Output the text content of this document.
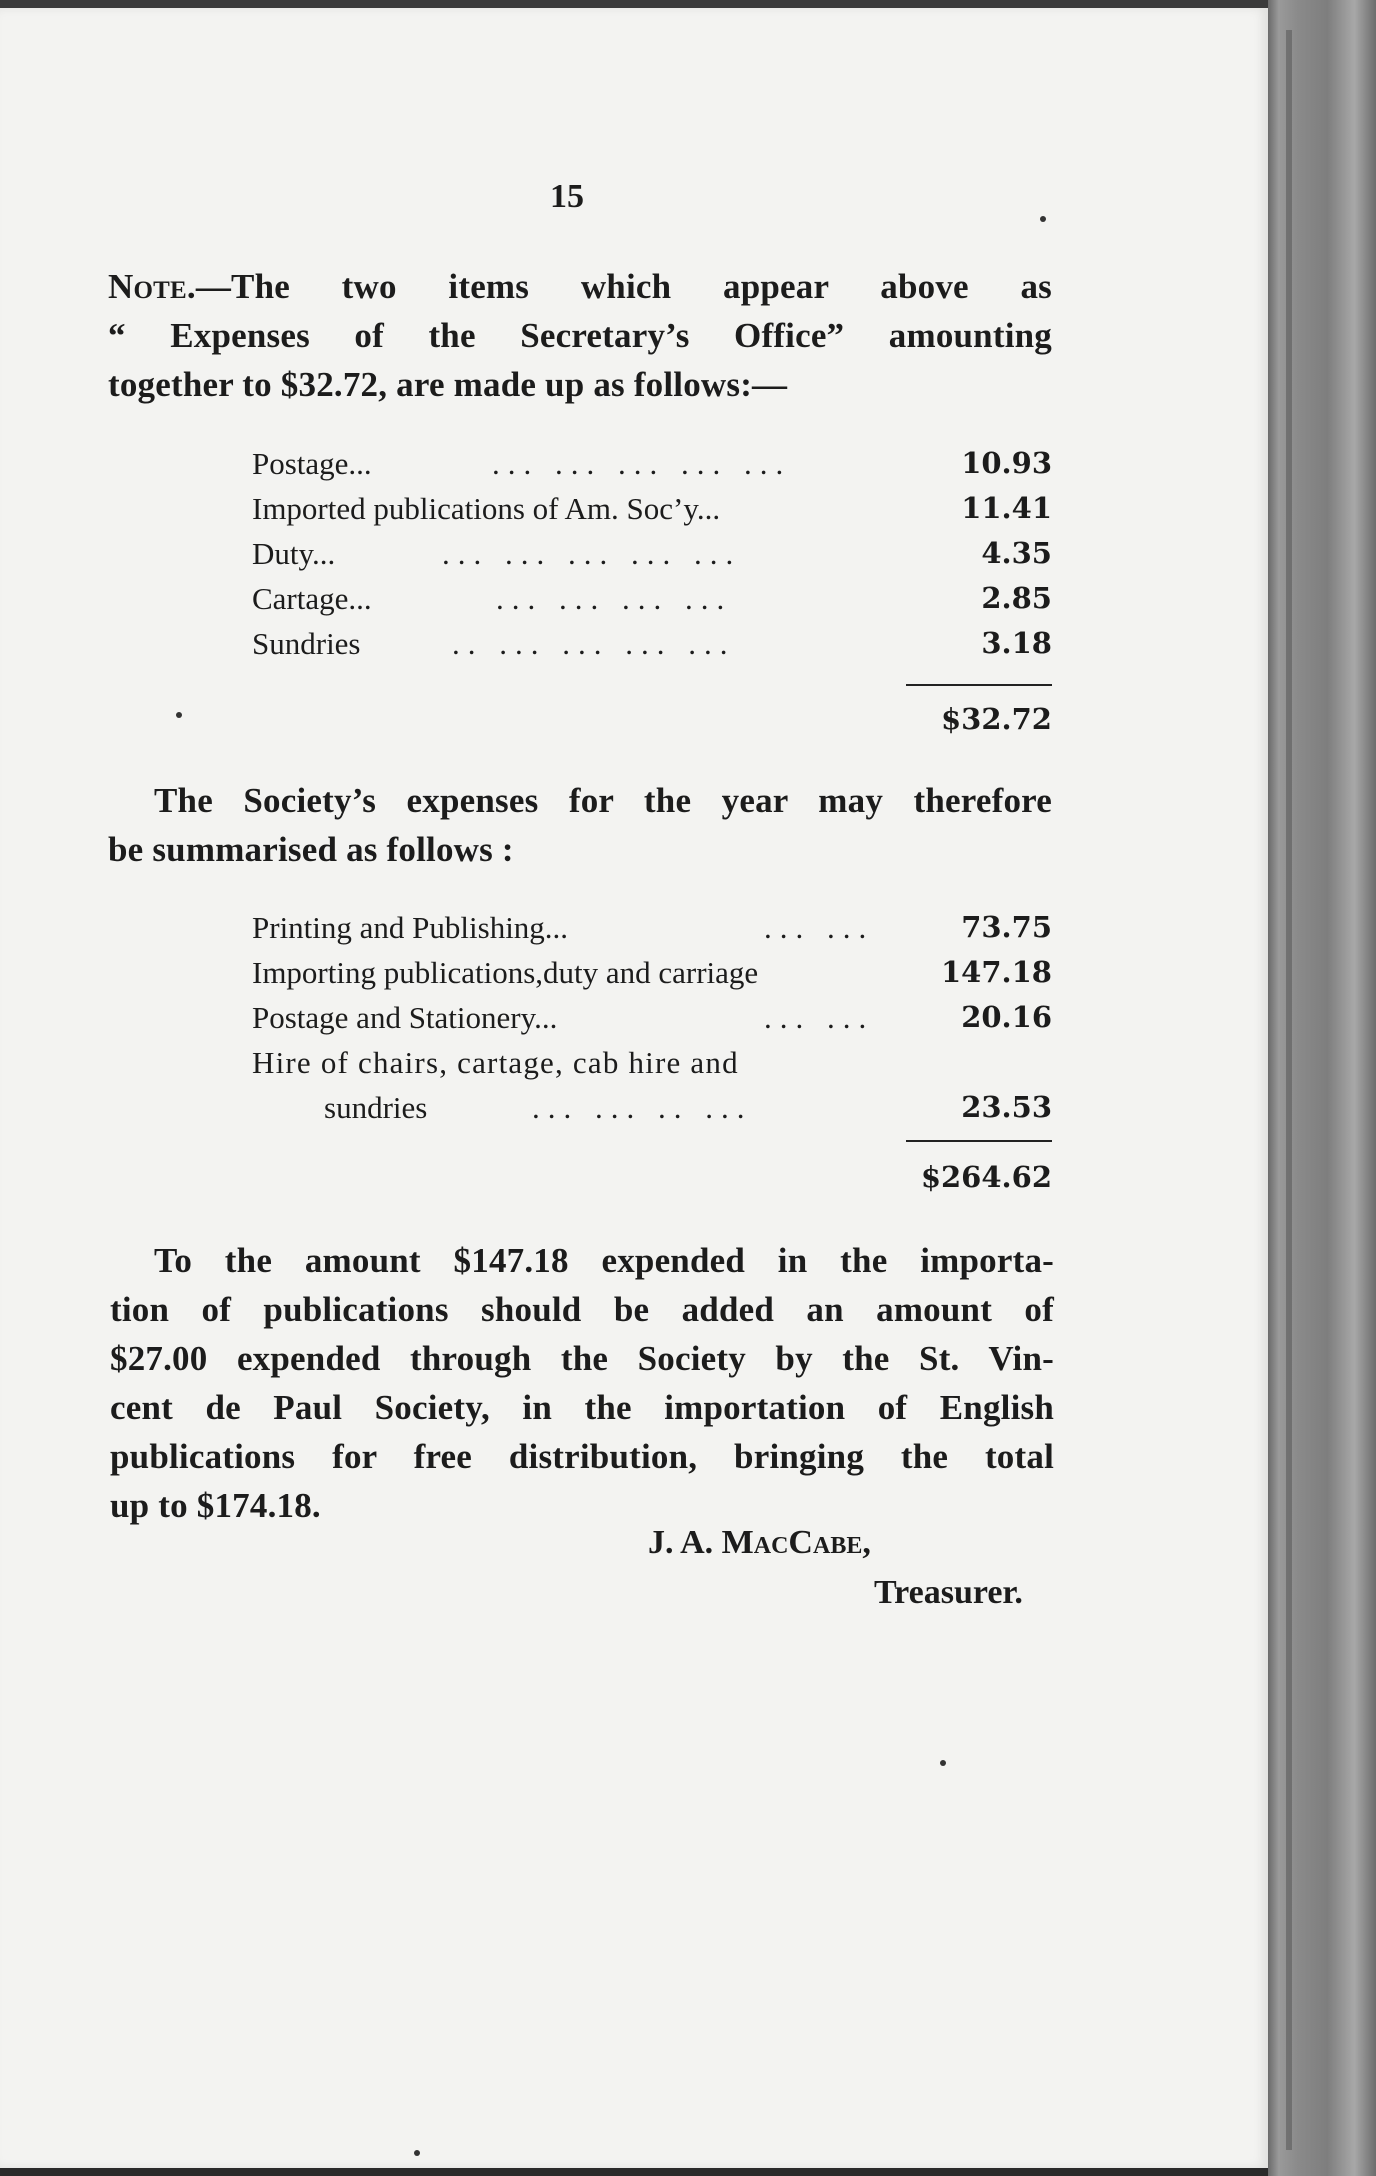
15
Note.—The two items which appear above as
“ Expenses of the Secretary’s Office” amounting
together to $32.72, are made up as follows:—
Postage...	... ... ... ... ...	10.93
Imported publications of Am. Soc’y...	11.41
Duty...	... ... ... ... ...	4.35
Cartage...	... ... ... ...	2.85
Sundries	.. ... ... ... ...	3.18
$32.72
The Society’s expenses for the year may therefore
be summarised as follows :
Printing and Publishing...	... ...	73.75
Importing publications,duty and carriage	147.18
Postage and Stationery...	... ...	20.16
Hire of chairs, cartage, cab hire and
sundries	... ... .. ...	23.53
$264.62
To the amount $147.18 expended in the importa-
tion of publications should be added an amount of
$27.00 expended through the Society by the St. Vin-
cent de Paul Society, in the importation of English
publications for free distribution, bringing the total
up to $174.18.
J. A. MacCabe,
Treasurer.
